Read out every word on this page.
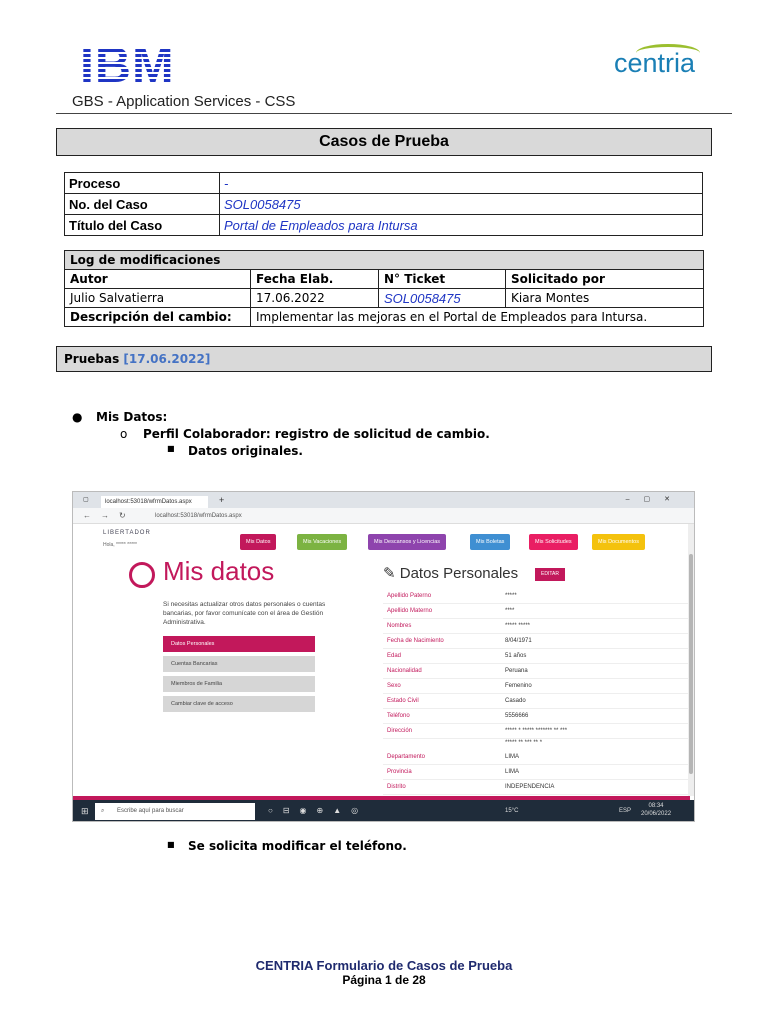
IBM
GBS - Application Services - CSS
centria
Casos de Prueba
Proceso	-
No. del Caso	SOL0058475
Título del Caso	Portal de Empleados para Intursa
Log de modificaciones			
Autor	Fecha Elab.	N° Ticket	Solicitado por
Julio Salvatierra	17.06.2022	SOL0058475	Kiara Montes
Descripción del cambio:	Implementar las mejoras en el Portal de Empleados para Intursa.		
Pruebas [17.06.2022]
● Mis Datos:
o Perfil Colaborador: registro de solicitud de cambio.
■ Datos originales.
▢	localhost:53018/wfrmDatos.aspx	+	–▢✕
←→↻	localhost:53018/wfrmDatos.aspx
LIBERTADOR
Hola, ***** *****	Mis Datos	Mis Vacaciones	Mis Descansos y Licencias	Mis Boletas	Mis Solicitudes	Mis Documentos
Mis datos
Si necesitas actualizar otros datos personales o cuentas bancarias, por favor comunícate con el área de Gestión Administrativa.
Datos Personales
Cuentas Bancarias
Miembros de Familia
Cambiar clave de acceso
✎ Datos Personales	EDITAR
Apellido Paterno	*****
Apellido Materno	****
Nombres	***** *****
Fecha de Nacimiento	8/04/1971
Edad	51 años
Nacionalidad	Peruana
Sexo	Femenino
Estado Civil	Casado
Teléfono	5556666
Dirección	***** * ***** ******* ** ***
***** ** *** ** *
Departamento	LIMA
Provincia	LIMA
Distrito	INDEPENDENCIA
⊞ ⌕ Escribe aquí para buscar	○⊟◉⊕▲◎	15°C	ESP
08:34
20/06/2022
■ Se solicita modificar el teléfono.
CENTRIA Formulario de Casos de Prueba
Página 1 de 28
